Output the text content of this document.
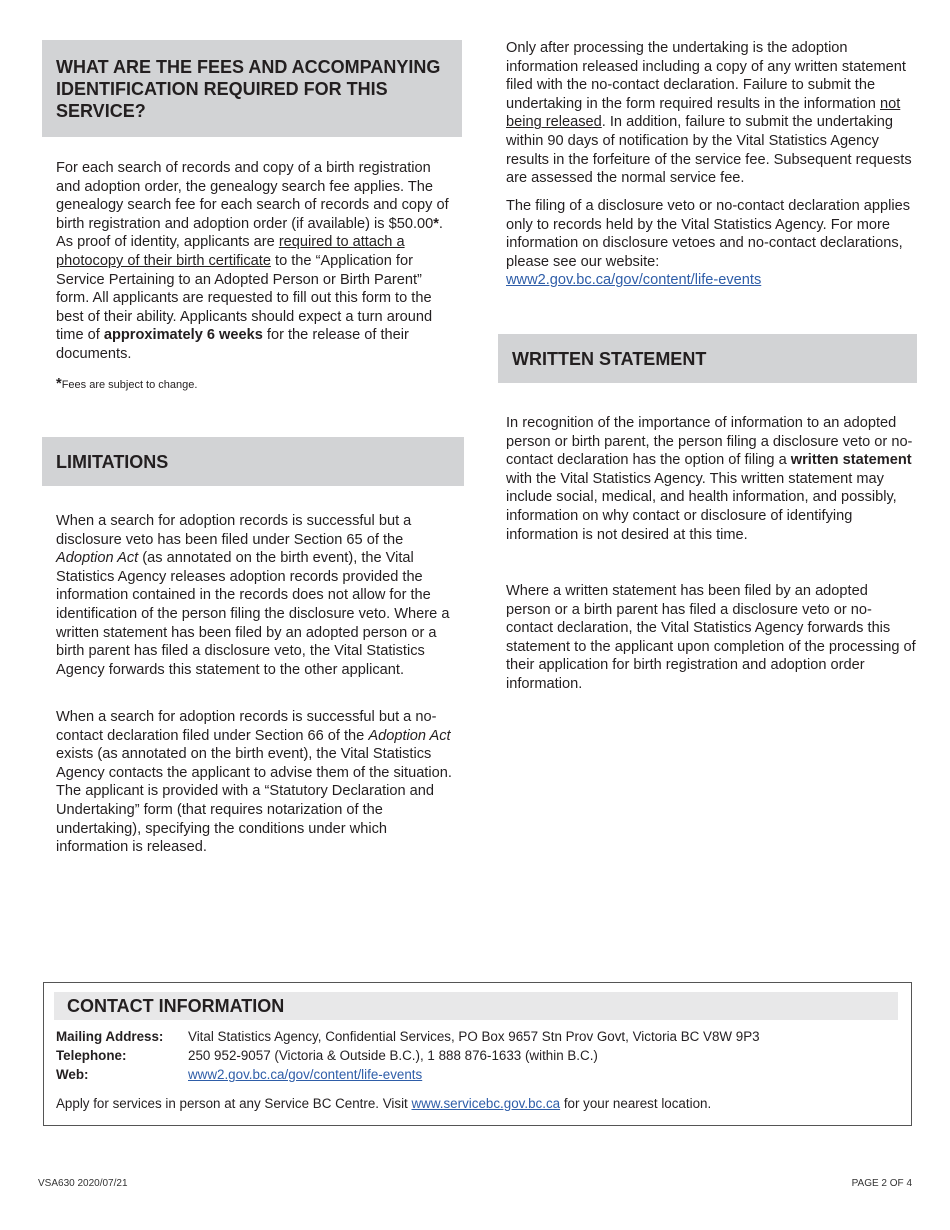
WHAT ARE THE FEES AND ACCOMPANYING IDENTIFICATION REQUIRED FOR THIS SERVICE?

For each search of records and copy of a birth registration and adoption order, the genealogy search fee applies. The genealogy search fee for each search of records and copy of birth registration and adoption order (if available) is $50.00*. As proof of identity, applicants are required to attach a photocopy of their birth certificate to the “Application for Service Pertaining to an Adopted Person or Birth Parent” form. All applicants are requested to fill out this form to the best of their ability. Applicants should expect a turn around time of approximately 6 weeks for the release of their documents.

*Fees are subject to change.

LIMITATIONS

When a search for adoption records is successful but a disclosure veto has been filed under Section 65 of the Adoption Act (as annotated on the birth event), the Vital Statistics Agency releases adoption records provided the information contained in the records does not allow for the identification of the person filing the disclosure veto. Where a written statement has been filed by an adopted person or a birth parent has filed a disclosure veto, the Vital Statistics Agency forwards this statement to the other applicant.

When a search for adoption records is successful but a no-contact declaration filed under Section 66 of the Adoption Act exists (as annotated on the birth event), the Vital Statistics Agency contacts the applicant to advise them of the situation. The applicant is provided with a “Statutory Declaration and Undertaking” form (that requires notarization of the undertaking), specifying the conditions under which information is released.

Only after processing the undertaking is the adoption information released including a copy of any written statement filed with the no-contact declaration. Failure to submit the undertaking in the form required results in the information not being released. In addition, failure to submit the undertaking within 90 days of notification by the Vital Statistics Agency results in the forfeiture of the service fee. Subsequent requests are assessed the normal service fee.

The filing of a disclosure veto or no-contact declaration applies only to records held by the Vital Statistics Agency. For more information on disclosure vetoes and no-contact declarations, please see our website:
www2.gov.bc.ca/gov/content/life-events

WRITTEN STATEMENT

In recognition of the importance of information to an adopted person or birth parent, the person filing a disclosure veto or no-contact declaration has the option of filing a written statement with the Vital Statistics Agency. This written statement may include social, medical, and health information, and possibly, information on why contact or disclosure of identifying information is not desired at this time.

Where a written statement has been filed by an adopted person or a birth parent has filed a disclosure veto or no-contact declaration, the Vital Statistics Agency forwards this statement to the applicant upon completion of the processing of their application for birth registration and adoption order information.

CONTACT INFORMATION
Mailing Address:	Vital Statistics Agency, Confidential Services, PO Box 9657 Stn Prov Govt, Victoria BC V8W 9P3
Telephone:	250 952-9057 (Victoria & Outside B.C.), 1 888 876-1633 (within B.C.)
Web:	www2.gov.bc.ca/gov/content/life-events
Apply for services in person at any Service BC Centre. Visit www.servicebc.gov.bc.ca for your nearest location.
VSA630 2020/07/21	PAGE 2 OF 4
